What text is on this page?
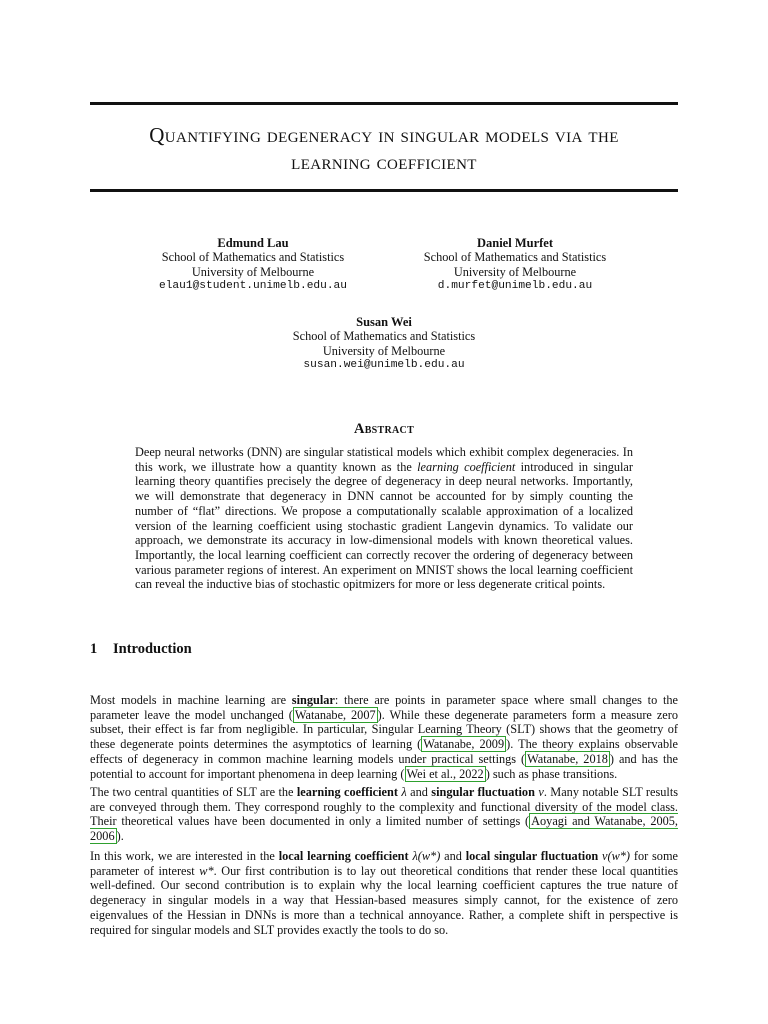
Quantifying degeneracy in singular models via the
learning coefficient
Edmund Lau
School of Mathematics and Statistics
University of Melbourne
elau1@student.unimelb.edu.au
Daniel Murfet
School of Mathematics and Statistics
University of Melbourne
d.murfet@unimelb.edu.au
Susan Wei
School of Mathematics and Statistics
University of Melbourne
susan.wei@unimelb.edu.au
Abstract
Deep neural networks (DNN) are singular statistical models which exhibit complex degeneracies. In this work, we illustrate how a quantity known as the learning coefficient introduced in singular learning theory quantifies precisely the degree of degeneracy in deep neural networks. Importantly, we will demonstrate that degeneracy in DNN cannot be accounted for by simply counting the number of “flat” directions. We propose a computationally scalable approximation of a localized version of the learning coefficient using stochastic gradient Langevin dynamics. To validate our approach, we demonstrate its accuracy in low-dimensional models with known theoretical values. Importantly, the local learning coefficient can correctly recover the ordering of degeneracy between various parameter regions of interest. An experiment on MNIST shows the local learning coefficient can reveal the inductive bias of stochastic opitmizers for more or less degenerate critical points.
1 Introduction
Most models in machine learning are singular: there are points in parameter space where small changes to the parameter leave the model unchanged ( Watanabe, 2007 ). While these degenerate parameters form a measure zero subset, their effect is far from negligible. In particular, Singular Learning Theory (SLT) shows that the geometry of these degenerate points determines the asymptotics of learning ( Watanabe, 2009 ). The theory explains observable effects of degeneracy in common machine learning models under practical settings ( Watanabe, 2018 ) and has the potential to account for important phenomena in deep learning ( Wei et al., 2022 ) such as phase transitions.
The two central quantities of SLT are the learning coefficient λ and singular fluctuation ν. Many notable SLT results are conveyed through them. They correspond roughly to the complexity and functional diversity of the model class. Their theoretical values have been documented in only a limited number of settings ( Aoyagi and Watanabe, 2005, 2006 ).
In this work, we are interested in the local learning coefficient λ(w*) and local singular fluctuation ν(w*) for some parameter of interest w*. Our first contribution is to lay out theoretical conditions that render these local quantities well-defined. Our second contribution is to explain why the local learning coefficient captures the true nature of degeneracy in singular models in a way that Hessian-based measures simply cannot, for the existence of zero eigenvalues of the Hessian in DNNs is more than a technical annoyance. Rather, a complete shift in perspective is required for singular models and SLT provides exactly the tools to do so.
